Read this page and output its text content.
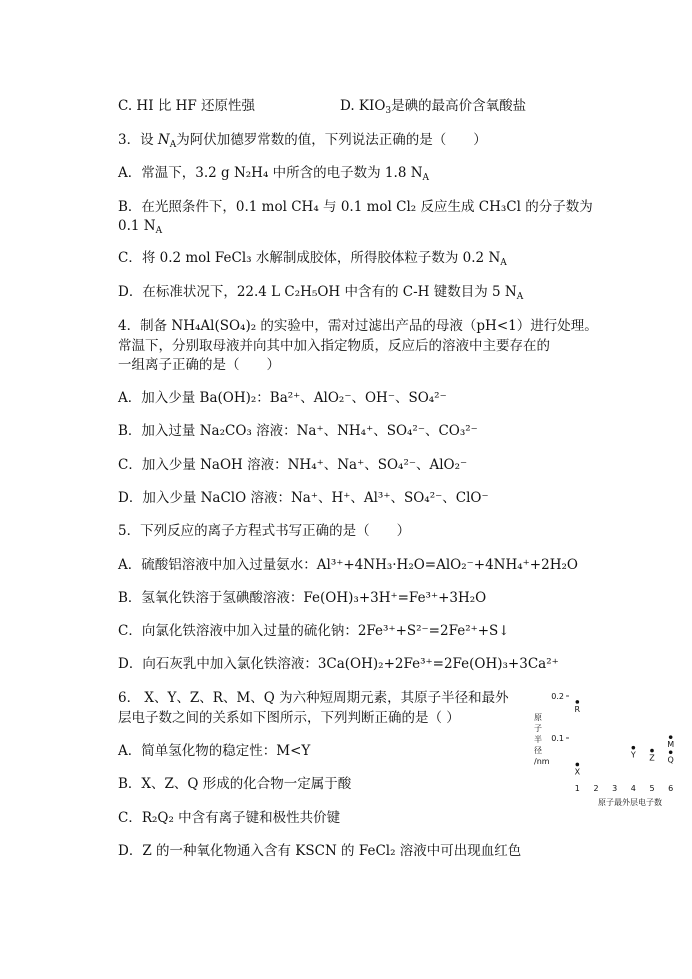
C. HI 比 HF 还原性强	D. $KIO_3$是碘的最高价含氧酸盐
3．设 $N_A$为阿伏加德罗常数的值，下列说法正确的是（　　）
A．常温下，3.2 g N₂H₄ 中所含的电子数为 1.8 $N_A$
B．在光照条件下，0.1 mol CH₄ 与 0.1 mol Cl₂ 反应生成 CH₃Cl 的分子数为
0.1 $N_A$
C．将 0.2 mol FeCl₃ 水解制成胶体，所得胶体粒子数为 0.2 $N_A$
D．在标准状况下，22.4 L C₂H₅OH 中含有的 C-H 键数目为 5 $N_A$
4．制备 NH₄Al(SO₄)₂ 的实验中，需对过滤出产品的母液（pH<1）进行处理。
常温下，分别取母液并向其中加入指定物质，反应后的溶液中主要存在的
一组离子正确的是（　　）
A．加入少量 Ba(OH)₂：Ba²⁺、AlO₂⁻、OH⁻、SO₄²⁻
B．加入过量 Na₂CO₃ 溶液：Na⁺、NH₄⁺、SO₄²⁻、CO₃²⁻
C．加入少量 NaOH 溶液：NH₄⁺、Na⁺、SO₄²⁻、AlO₂⁻
D．加入少量 NaClO 溶液：Na⁺、H⁺、Al³⁺、SO₄²⁻、ClO⁻
5．下列反应的离子方程式书写正确的是（　　）
A．硫酸铝溶液中加入过量氨水：Al³⁺+4NH₃·H₂O=AlO₂⁻+4NH₄⁺+2H₂O
B．氢氧化铁溶于氢碘酸溶液：Fe(OH)₃+3H⁺=Fe³⁺+3H₂O
C．向氯化铁溶液中加入过量的硫化钠：2Fe³⁺+S²⁻=2Fe²⁺+S↓
D．向石灰乳中加入氯化铁溶液：3Ca(OH)₂+2Fe³⁺=2Fe(OH)₃+3Ca²⁺
6． X、Y、Z、R、M、Q 为六种短周期元素，其原子半径和最外
层电子数之间的关系如下图所示，下列判断正确的是（ ）
A．简单氢化物的稳定性：M<Y
B．X、Z、Q 形成的化合物一定属于酸
C．R₂Q₂ 中含有离子键和极性共价键
D．Z 的一种氧化物通入含有 KSCN 的 FeCl₂ 溶液中可出现血红色
原
子
半
径
/nm
0.2
0.1
1 2 3 4 5 6
原子最外层电子数
R
X
Y Z
M
Q
